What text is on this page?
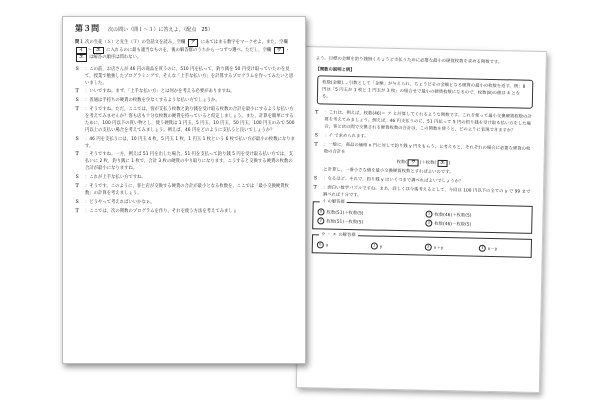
第３問 次の問い（問１〜３）に答えよ。（配点　25）
問１ 次の生徒（Ｓ）と先生（Ｔ）の会話文を読み，空欄 ア にあてはまる数字をマークせよ。また，空欄 イ 〜 エ に入れるのに最も適当なものを，後の解答群のうちから一つずつ選べ。ただし，空欄 ウ ・エ は解答の順序は問わない。
Ｓ	：この前，お店さんが 46 円の商品を買うのに，510 円を払って，釣り銭を 50 円受け取っていたのを見て，授業で勉強したプログラミングで，そんな「上手な払い方」を計算するプログラムを作ってみたいと思いました。
Ｔ	：いいですね。まず，「上手な払い方」とは何かを考える必要がありますね。
Ｓ	：普通は手持ちの硬貨の枚数を少なくするような払い方でしょうか。
Ｔ	：そうですね。ただ，ここでは，客が支払う枚数と釣り銭を受け取る枚数の合計を最小にするような払い方を考えてみませんか？客も店も十分な枚数の硬貨を持っていると仮定しましょう。また，計算を簡単にするために，100 円以下の買い物とし，使う硬貨は 1 円玉，5 円玉，10 円玉，50 円玉，100 円玉のみで 500 円以上の支払い場合を考えてみましょう。例えば，46 円をどのように支払うと良いでしょうか？
Ｓ	：46 円を支払うには，10 円玉 4 枚，5 円玉 1 枚，1 円玉 1 枚という 6 枚で払い方が最小の枚数になります。
Ｔ	：そうですね。一方，例えば 51 円を出した場合，51 円を支払って釣り銭 5 円を受け取る払い方では，支払いに 2 枚，釣り銭に 1 枚で，合計 3 枚の硬貨のやり取りになります。こうすると交換する硬貨の枚数の合計が最小になりますね。
Ｓ	：これが上手な払い方ですね。
Ｔ	：そうです。このように，客と店が交換する硬貨の合計が最小となる枚数を，ここでは「最小交換硬貨枚数」の計算を考えましょう。
Ｓ	：どうやって考えればいいかなぁ。
Ｔ	：ここでは，次の関数のプログラムを作り，それを使う方法を考えてみましょ
よう。目標の金額を釣り銭無くちょうど支払うために必要な最小の硬貨枚数を求める関数です。
【関数の説明と例】
枚数(金額)… 引数として「金額」が与えられ，ちょうどその金額となる硬貨の最小の枚数を返す。例：8 円は「5 円玉が 1 枚と 1 円玉が 3 枚」の組合せで最小の硬貨枚数になるので，枚数(8)の値は 4 となる。
Ｔ	：これは，例えば，枚数(46)＝ ア と計算してくれるような関数です。これを使って最小交換硬貨枚数の計算を考えてみましょう。例えば，46 円支払うのに，51 円払って 5 円の釣り銭を受け取る払い方をした場合，客と店の間で交換される硬貨枚数の合計は，この関数を使うと，どのように表現できますか？
Ｓ	：イ で求められます。
Ｔ	：一般に，商品の価格 x 円に対して釣り銭 y 円をもらう，と考えると，それぞれの場合に必要な硬貨の枚数の合計を
枚数( ウ )＋枚数( エ )
と計算し，一番小さな値を最小交換硬貨枚数とすればよいのです。
Ｓ	：なるほど。それで，釣り銭 y はいくつまで調べればよいでしょうか？
Ｔ	：面白い数学パズルですね。まあ，詳しくは今後考えるとして，今回は 100 円以下の全ての y で 99 まで調べれば十分です。
イ の解答群
0 枚数(51)＋枚数(5)	1 枚数(46)＋枚数(5)
2 枚数(51)－枚数(5)	3 枚数(46)－枚数(5)
ウ ・ エ の解答群
0 x	1 y	2 x＋y	3 x－y
